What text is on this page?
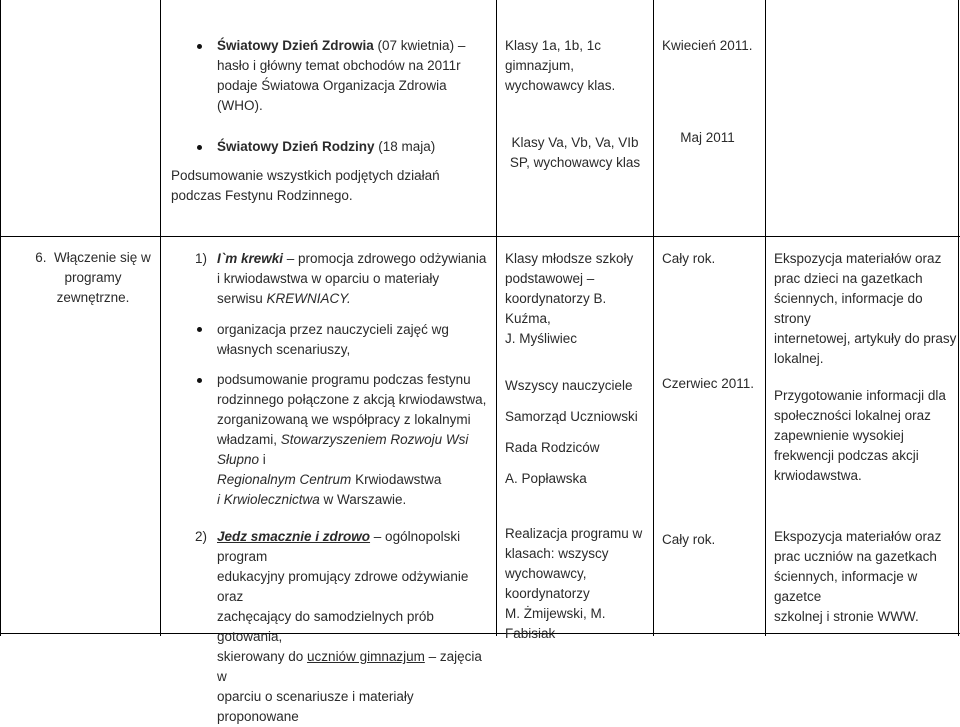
Światowy Dzień Zdrowia (07 kwietnia) – hasło i główny temat obchodów na 2011r podaje Światowa Organizacja Zdrowia (WHO).
Klasy 1a, 1b, 1c gimnazjum, wychowawcy klas.
Kwiecień 2011.
Światowy Dzień Rodziny (18 maja)
Podsumowanie wszystkich podjętych działań podczas Festynu Rodzinnego.
Klasy Va, Vb, Va, VIb SP, wychowawcy klas
Maj 2011
6. Włączenie się w programy zewnętrzne.
1) I`m krewki – promocja zdrowego odżywiania i krwiodawstwa w oparciu o materiały serwisu KREWNIACY.
organizacja przez nauczycieli zajęć wg własnych scenariuszy,
Klasy młodsze szkoły
podstawowej –
koordynatorzy B. Kuźma,
J. Myśliwiec
Cały rok.	Ekspozycja materiałów oraz
prac dzieci na gazetkach
ściennych, informacje do strony
internetowej, artykuły do prasy
lokalnej.
podsumowanie programu podczas festynu
rodzinnego połączone z akcją krwiodawstwa,
zorganizowaną we współpracy z lokalnymi
władzami, Stowarzyszeniem Rozwoju Wsi Słupno i
Regionalnym Centrum Krwiodawstwa
i Krwiolecznictwa w Warszawie.
Wszyscy nauczyciele
Samorząd Uczniowski
Rada Rodziców
A. Popławska
Czerwiec 2011.
Przygotowanie informacji dla
społeczności lokalnej oraz
zapewnienie wysokiej
frekwencji podczas akcji
krwiodawstwa.
2) Jedz smacznie i zdrowo – ogólnopolski program
edukacyjny promujący zdrowe odżywianie oraz
zachęcający do samodzielnych prób gotowania,
skierowany do uczniów gimnazjum – zajęcia w
oparciu o scenariusze i materiały proponowane
Realizacja programu w
klasach: wszyscy
wychowawcy,
koordynatorzy
M. Żmijewski, M. Fabisiak
Cały rok.	Ekspozycja materiałów oraz
prac uczniów na gazetkach
ściennych, informacje w gazetce
szkolnej i stronie WWW.
